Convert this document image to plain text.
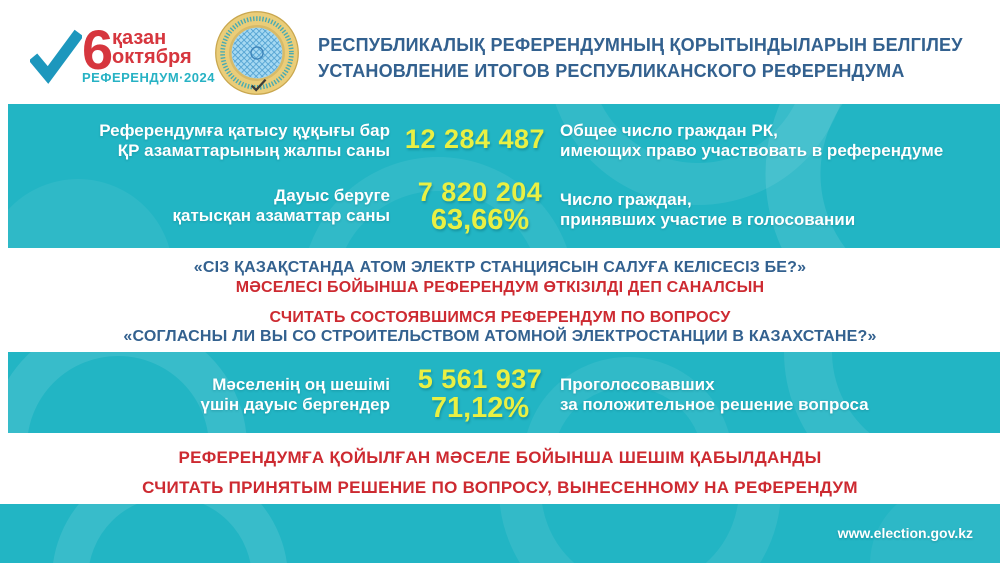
6
қазан
октября
РЕФЕРЕНДУМ·2024
РЕСПУБЛИКАЛЫҚ РЕФЕРЕНДУМНЫҢ ҚОРЫТЫНДЫЛАРЫН БЕЛГІЛЕУ
УСТАНОВЛЕНИЕ ИТОГОВ РЕСПУБЛИКАНСКОГО РЕФЕРЕНДУМА
Референдумға қатысу құқығы бар
ҚР азаматтарының жалпы саны 12 284 487 Общее число граждан РК,
имеющих право участвовать в референдуме
Дауыс беруге
қатысқан азаматтар саны
7 820 204
63,66%
Число граждан,
принявших участие в голосовании
«СІЗ ҚАЗАҚСТАНДА АТОМ ЭЛЕКТР СТАНЦИЯСЫН САЛУҒА КЕЛІСЕСІЗ БЕ?»
МӘСЕЛЕСІ БОЙЫНША РЕФЕРЕНДУМ ӨТКІЗІЛДІ ДЕП САНАЛСЫН
СЧИТАТЬ СОСТОЯВШИМСЯ РЕФЕРЕНДУМ ПО ВОПРОСУ
«СОГЛАСНЫ ЛИ ВЫ СО СТРОИТЕЛЬСТВОМ АТОМНОЙ ЭЛЕКТРОСТАНЦИИ В КАЗАХСТАНЕ?»
Мәселенің оң шешімі
үшін дауыс бергендер
5 561 937
71,12%
Проголосовавших
за положительное решение вопроса
РЕФЕРЕНДУМҒА ҚОЙЫЛҒАН МӘСЕЛЕ БОЙЫНША ШЕШІМ ҚАБЫЛДАНДЫ
СЧИТАТЬ ПРИНЯТЫМ РЕШЕНИЕ ПО ВОПРОСУ, ВЫНЕСЕННОМУ НА РЕФЕРЕНДУМ
www.election.gov.kz
